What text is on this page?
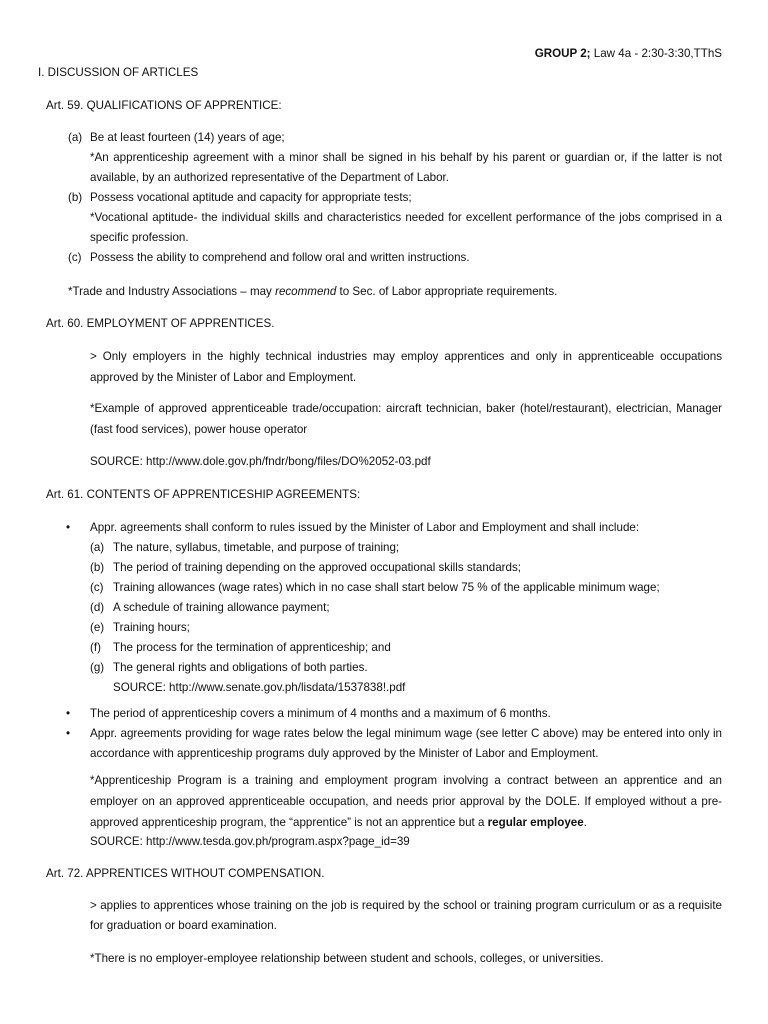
GROUP 2; Law 4a - 2:30-3:30,TThS
I. DISCUSSION OF ARTICLES
Art. 59. QUALIFICATIONS OF APPRENTICE:
(a) Be at least fourteen (14) years of age;
*An apprenticeship agreement with a minor shall be signed in his behalf by his parent or guardian or, if the latter is not available, by an authorized representative of the Department of Labor.
(b) Possess vocational aptitude and capacity for appropriate tests;
*Vocational aptitude- the individual skills and characteristics needed for excellent performance of the jobs comprised in a specific profession.
(c) Possess the ability to comprehend and follow oral and written instructions.
*Trade and Industry Associations – may recommend to Sec. of Labor appropriate requirements.
Art. 60. EMPLOYMENT OF APPRENTICES.
> Only employers in the highly technical industries may employ apprentices and only in apprenticeable occupations approved by the Minister of Labor and Employment.
*Example of approved apprenticeable trade/occupation: aircraft technician, baker (hotel/restaurant), electrician, Manager (fast food services), power house operator
SOURCE: http://www.dole.gov.ph/fndr/bong/files/DO%2052-03.pdf
Art. 61. CONTENTS OF APPRENTICESHIP AGREEMENTS:
• Appr. agreements shall conform to rules issued by the Minister of Labor and Employment and shall include:
(a) The nature, syllabus, timetable, and purpose of training;
(b) The period of training depending on the approved occupational skills standards;
(c) Training allowances (wage rates) which in no case shall start below 75 % of the applicable minimum wage;
(d) A schedule of training allowance payment;
(e) Training hours;
(f) The process for the termination of apprenticeship; and
(g) The general rights and obligations of both parties.
SOURCE: http://www.senate.gov.ph/lisdata/1537838!.pdf
• The period of apprenticeship covers a minimum of 4 months and a maximum of 6 months.
• Appr. agreements providing for wage rates below the legal minimum wage (see letter C above) may be entered into only in accordance with apprenticeship programs duly approved by the Minister of Labor and Employment.
*Apprenticeship Program is a training and employment program involving a contract between an apprentice and an employer on an approved apprenticeable occupation, and needs prior approval by the DOLE. If employed without a pre-approved apprenticeship program, the “apprentice” is not an apprentice but a regular employee.
SOURCE: http://www.tesda.gov.ph/program.aspx?page_id=39
Art. 72. APPRENTICES WITHOUT COMPENSATION.
> applies to apprentices whose training on the job is required by the school or training program curriculum or as a requisite for graduation or board examination.
*There is no employer-employee relationship between student and schools, colleges, or universities.
